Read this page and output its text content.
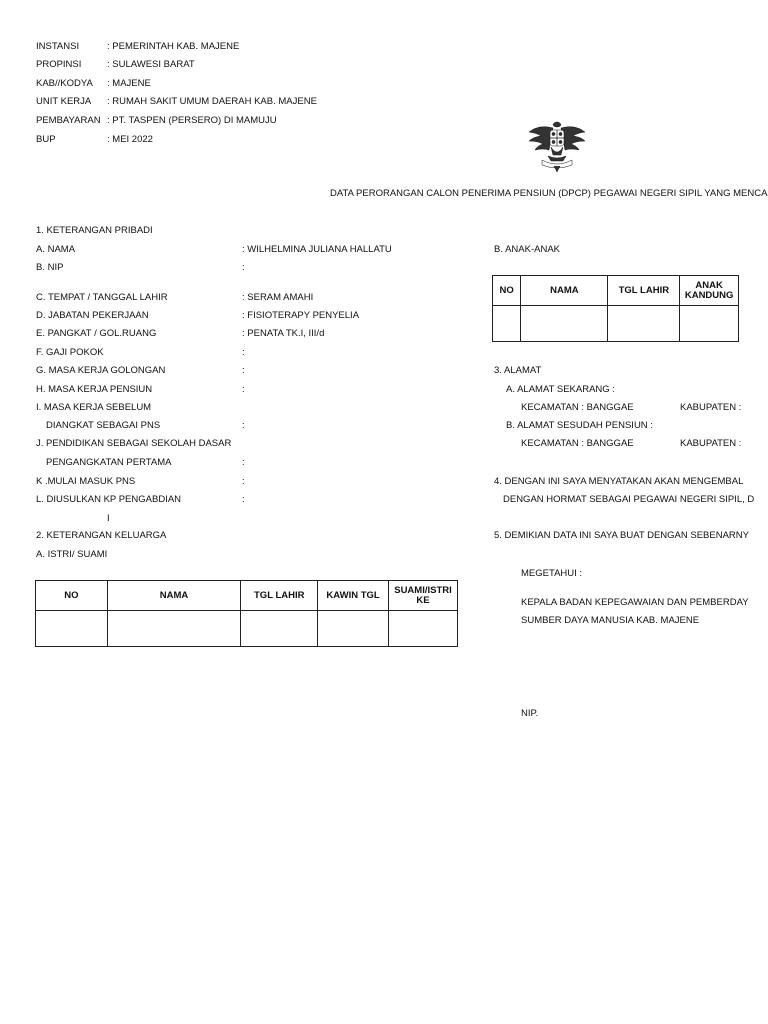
INSTANSI	: PEMERINTAH KAB. MAJENE
PROPINSI	: SULAWESI BARAT
KAB//KODYA : MAJENE
UNIT KERJA : RUMAH SAKIT UMUM DAERAH KAB. MAJENE
PEMBAYARAN : PT. TASPEN (PERSERO) DI MAMUJU
BUP	: MEI 2022
DATA PERORANGAN CALON PENERIMA PENSIUN (DPCP) PEGAWAI NEGERI SIPIL YANG MENCA
1. KETERANGAN PRIBADI
A. NAMA	: WILHELMINA JULIANA HALLATU
B. NIP	:
C. TEMPAT / TANGGAL LAHIR	: SERAM AMAHI
D. JABATAN PEKERJAAN	: FISIOTERAPY PENYELIA
E. PANGKAT / GOL.RUANG	: PENATA TK.I, III/d
F. GAJI POKOK	:
G. MASA KERJA GOLONGAN	:
H. MASA KERJA PENSIUN	:
I. MASA KERJA SEBELUM
DIANGKAT SEBAGAI PNS	:
J. PENDIDIKAN SEBAGAI SEKOLAH DASAR
PENGANGKATAN PERTAMA	:
K .MULAI MASUK PNS	:
L. DIUSULKAN KP PENGABDIAN	:
I
2. KETERANGAN KELUARGA
A. ISTRI/ SUAMI
NO	NAMA	TGL LAHIR	KAWIN TGL	SUAMI/ISTRI KE

B. ANAK-ANAK
NO	NAMA	TGL LAHIR	ANAK KANDUNG

3. ALAMAT
A. ALAMAT SEKARANG :
KECAMATAN : BANGGAE	KABUPATEN :
B. ALAMAT SESUDAH PENSIUN :
KECAMATAN : BANGGAE	KABUPATEN :
4. DENGAN INI SAYA MENYATAKAN AKAN MENGEMBAL
DENGAN HORMAT SEBAGAI PEGAWAI NEGERI SIPIL, D
5. DEMIKIAN DATA INI SAYA BUAT DENGAN SEBENARNY
MEGETAHUI :
KEPALA BADAN KEPEGAWAIAN DAN PEMBERDAY
SUMBER DAYA MANUSIA KAB. MAJENE
NIP.
